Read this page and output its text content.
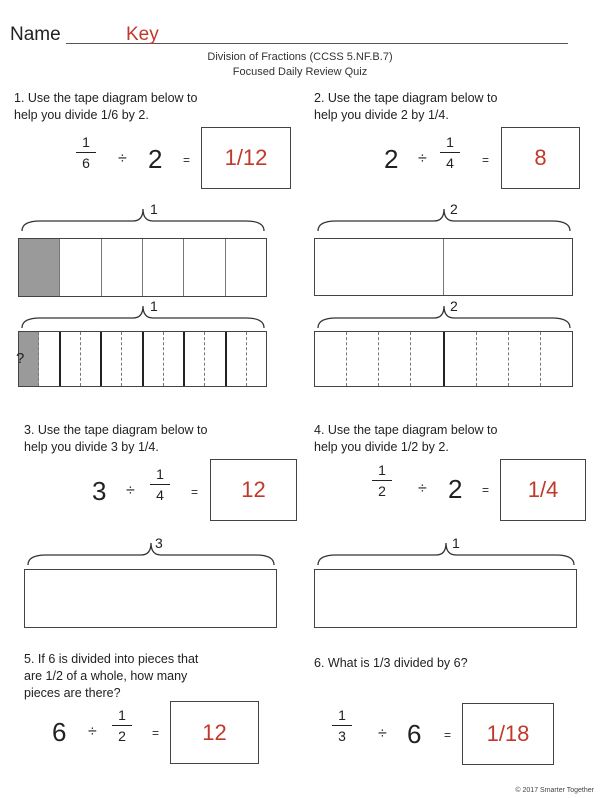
Name	Key
Division of Fractions (CCSS 5.NF.B.7)
Focused Daily Review Quiz
1. Use the tape diagram below to
help you divide 1/6 by 2.
1
6	÷ 2 =	1/12
1
1
?
2. Use the tape diagram below to
help you divide 2 by 1/4.
2 ÷
1
4	=	8
2
2
3. Use the tape diagram below to
help you divide 3 by 1/4.
3 ÷
1
4	=	12
3
4. Use the tape diagram below to
help you divide 1/2 by 2.
1
2	÷ 2 =	1/4
1
5. If 6 is divided into pieces that
are 1/2 of a whole, how many
pieces are there?
6 ÷
1
2	=	12
6. What is 1/3 divided by 6?
1
3	÷ 6 =	1/18
© 2017 Smarter Together
